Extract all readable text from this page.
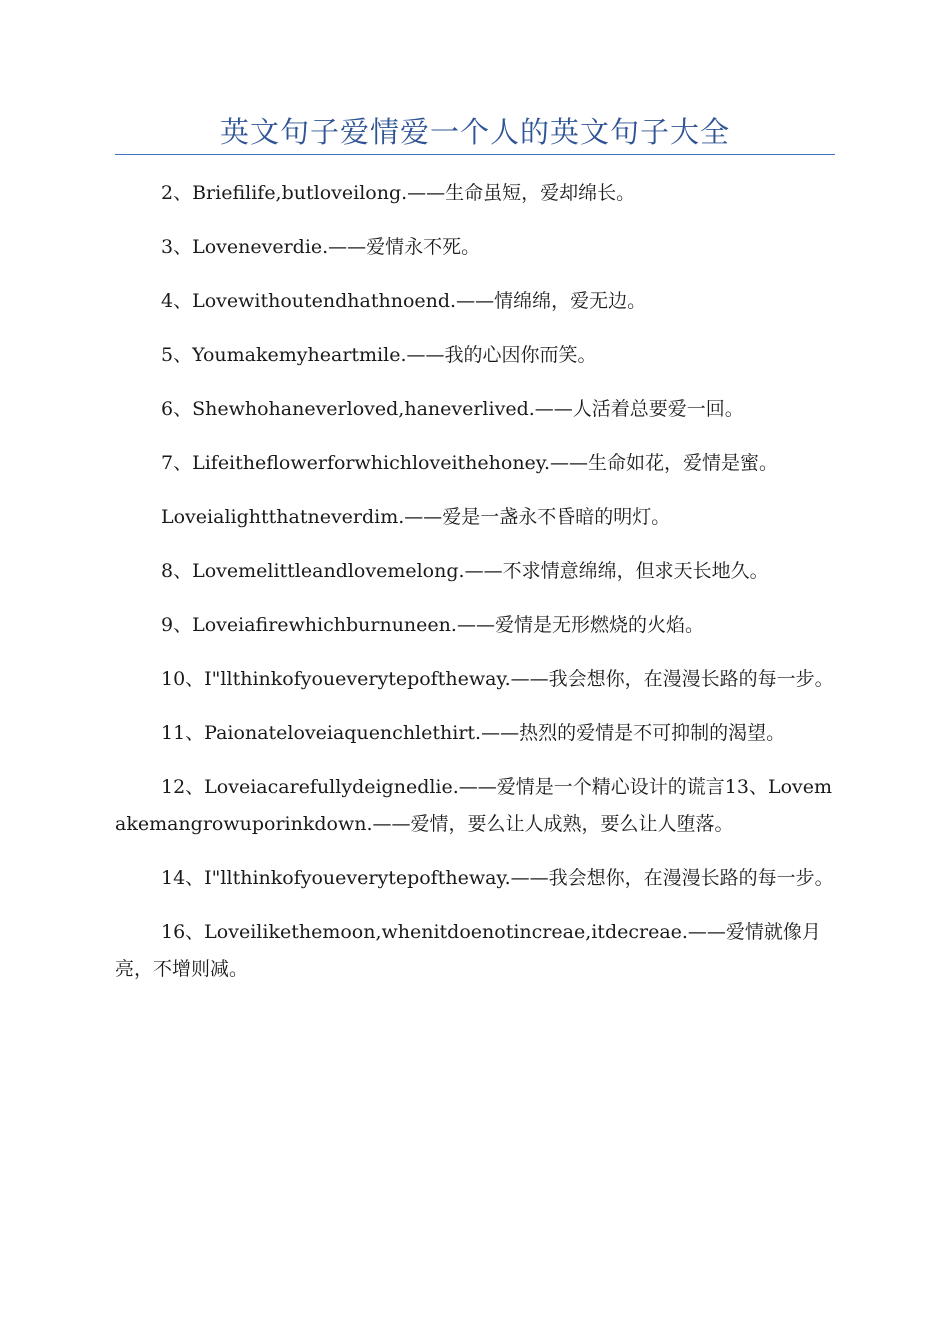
英文句子爱情爱一个人的英文句子大全

2、Briefilife,butloveilong.——生命虽短，爱却绵长。

3、Loveneverdie.——爱情永不死。

4、Lovewithoutendhathnoend.——情绵绵，爱无边。

5、Youmakemyheartmile.——我的心因你而笑。

6、Shewhohaneverloved,haneverlived.——人活着总要爱一回。

7、Lifeitheflowerforwhichloveithehoney.——生命如花，爱情是蜜。

Loveialightthatneverdim.——爱是一盏永不昏暗的明灯。

8、Lovemelittleandlovemelong.——不求情意绵绵，但求天长地久。

9、Loveiafirewhichburnuneen.——爱情是无形燃烧的火焰。

10、I"llthinkofyoueverytepoftheway.——我会想你，在漫漫长路的每一步。

11、Paionateloveiaquenchlethirt.——热烈的爱情是不可抑制的渴望。

12、Loveiacarefullydeignedlie.——爱情是一个精心设计的谎言13、Lovemakemangrowuporinkdown.——爱情，要么让人成熟，要么让人堕落。

14、I"llthinkofyoueverytepoftheway.——我会想你，在漫漫长路的每一步。

16、Loveilikethemoon,whenitdoenotincreae,itdecreae.——爱情就像月亮，不增则减。
